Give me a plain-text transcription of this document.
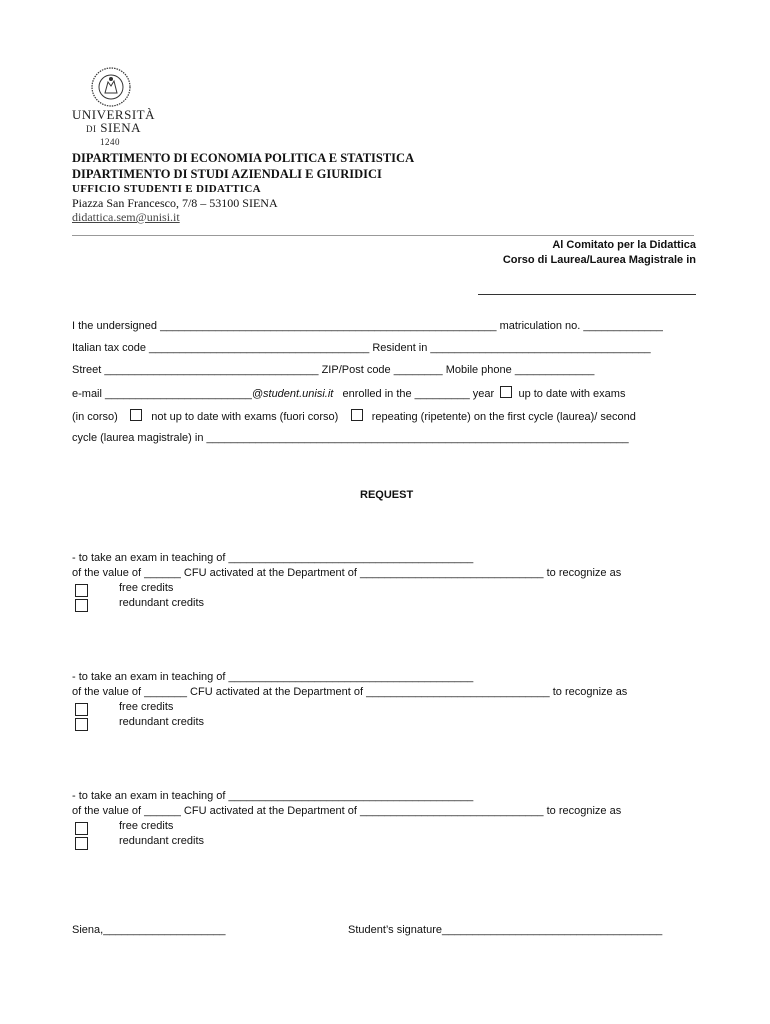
UNIVERSITÀ
DI SIENA
1240
DIPARTIMENTO DI ECONOMIA POLITICA E STATISTICA
DIPARTIMENTO DI STUDI AZIENDALI E GIURIDICI
UFFICIO STUDENTI E DIDATTICA
Piazza San Francesco, 7/8 – 53100 SIENA
didattica.sem@unisi.it
Al Comitato per la Didattica
Corso di Laurea/Laurea Magistrale in
I the undersigned _______________________________________________________ matriculation no. _____________
Italian tax code ____________________________________ Resident in ____________________________________
Street ___________________________________ ZIP/Post code ________ Mobile phone _____________
e-mail ________________________@student.unisi.it enrolled in the _________ year up to date with exams
(in corso)	not up to date with exams (fuori corso)	repeating (ripetente) on the first cycle (laurea)/ second
cycle (laurea magistrale) in _____________________________________________________________________
REQUEST
- to take an exam in teaching of ________________________________________
of the value of ______ CFU activated at the Department of ______________________________ to recognize as
free credits
redundant credits
- to take an exam in teaching of ________________________________________
of the value of _______ CFU activated at the Department of ______________________________ to recognize as
free credits
redundant credits
- to take an exam in teaching of ________________________________________
of the value of ______ CFU activated at the Department of ______________________________ to recognize as
free credits
redundant credits
Siena,____________________	Student’s signature____________________________________
